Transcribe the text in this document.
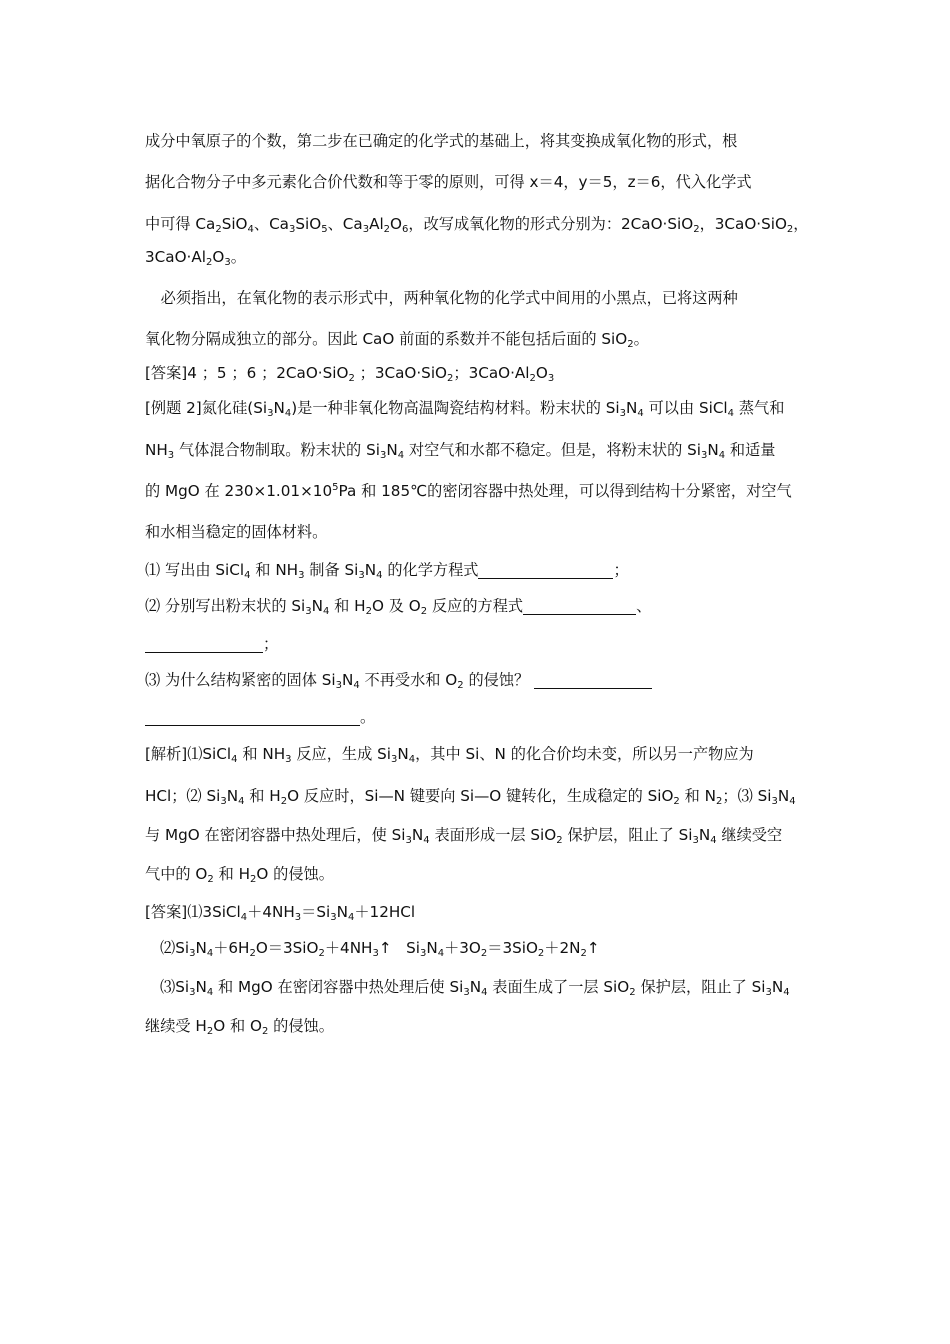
成分中氧原子的个数，第二步在已确定的化学式的基础上，将其变换成氧化物的形式，根
据化合物分子中多元素化合价代数和等于零的原则，可得 x＝4，y＝5，z＝6，代入化学式
中可得 $Ca_2SiO_4$、$Ca_3SiO_5$、$Ca_3Al_2O_6$，改写成氧化物的形式分别为：2CaO·SiO$_2$，3CaO·SiO$_2$，
$3CaO\cdot Al_2O_3$。
必须指出，在氧化物的表示形式中，两种氧化物的化学式中间用的小黑点，已将这两种
氧化物分隔成独立的部分。因此 CaO 前面的系数并不能包括后面的 SiO$_2$。
[答案]4 ；5 ；6 ；2CaO·SiO$_2$ ；3CaO·SiO$_2$；$3CaO\cdot Al_2O_3$
[例题 2]氮化硅$(Si_3N_4)$是一种非氧化物高温陶瓷结构材料。粉末状的 $Si_3N_4$ 可以由 SiCl$_4$ 蒸气和
$NH_3$ 气体混合物制取。粉末状的 $Si_3N_4$ 对空气和水都不稳定。但是，将粉末状的 $Si_3N_4$ 和适量
的 MgO 在 $230\times 1.01\times 10^5Pa$ 和 185℃的密闭容器中热处理，可以得到结构十分紧密，对空气
和水相当稳定的固体材料。
⑴ 写出由 SiCl$_4$ 和 $NH_3$ 制备 $Si_3N_4$ 的化学方程式	；
⑵ 分别写出粉末状的 $Si_3N_4$ 和 $H_2O$ 及 $O_2$ 反应的方程式	、
；
⑶ 为什么结构紧密的固体 $Si_3N_4$ 不再受水和 $O_2$ 的侵蚀？
。
[解析]⑴SiCl$_4$ 和 $NH_3$ 反应，生成 $Si_3N_4$，其中 Si、N 的化合价均未变，所以另一产物应为
HCl；⑵ $Si_3N_4$ 和 $H_2O$ 反应时，Si—N 键要向 Si—O 键转化，生成稳定的 SiO$_2$ 和 $N_2$；⑶ $Si_3N_4$
与 MgO 在密闭容器中热处理后，使 $Si_3N_4$ 表面形成一层 SiO$_2$ 保护层，阻止了 $Si_3N_4$ 继续受空
气中的 $O_2$ 和 $H_2O$ 的侵蚀。
[答案]$⑴3SiCl_4+4NH_3=Si_3N_4+12HCl$
$⑵Si_3N_4+6H_2O=3SiO_2+4NH_3↑$   $Si_3N_4+3O_2=3SiO_2+2N_2↑$
$⑶Si_3N_4$ 和 MgO 在密闭容器中热处理后使 $Si_3N_4$ 表面生成了一层 SiO$_2$ 保护层，阻止了 $Si_3N_4$
继续受 $H_2O$ 和 $O_2$ 的侵蚀。
